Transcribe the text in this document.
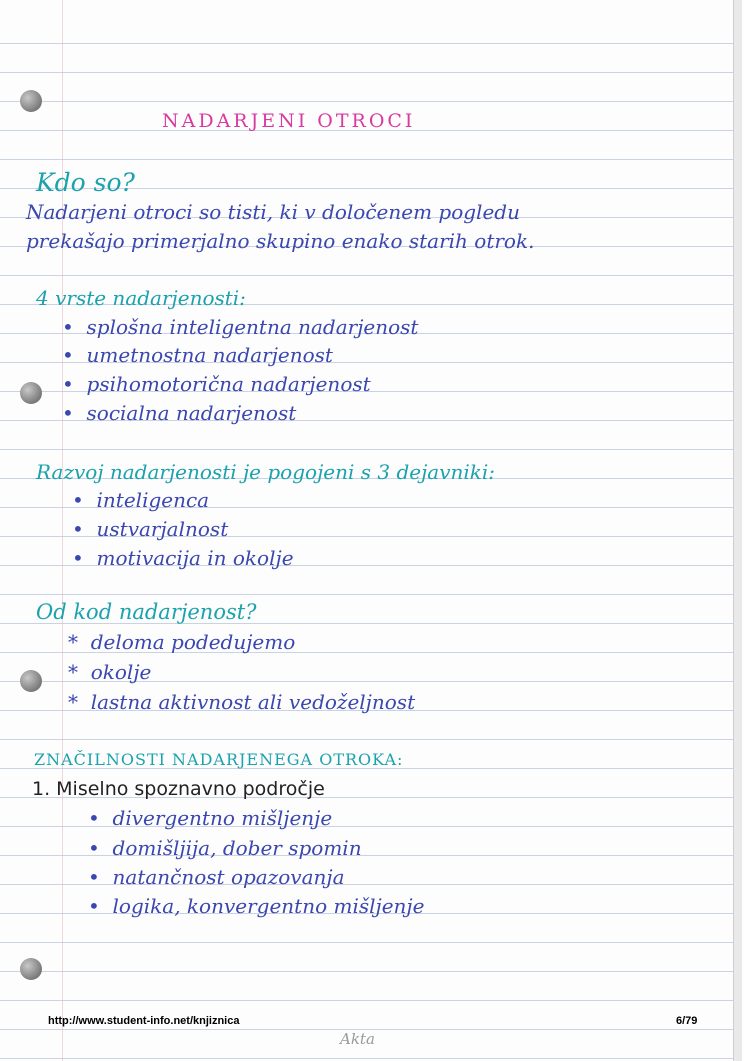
NADARJENI OTROCI
Kdo so?
Nadarjeni otroci so tisti, ki v določenem pogledu
prekašajo primerjalno skupino enako starih otrok.
4 vrste nadarjenosti:
•  splošna inteligentna nadarjenost
•  umetnostna nadarjenost
•  psihomotorična nadarjenost
•  socialna nadarjenost
Razvoj nadarjenosti je pogojeni s 3 dejavniki:
•  inteligenca
•  ustvarjalnost
•  motivacija in okolje
Od kod nadarjenost?
*  deloma podedujemo
*  okolje
*  lastna aktivnost ali vedoželjnost
ZNAČILNOSTI NADARJENEGA OTROKA:
1. Miselno spoznavno področje
•  divergentno mišljenje
•  domišljija, dober spomin
•  natančnost opazovanja
•  logika, konvergentno mišljenje
http://www.student-info.net/knjiznica	6/79
Akta
